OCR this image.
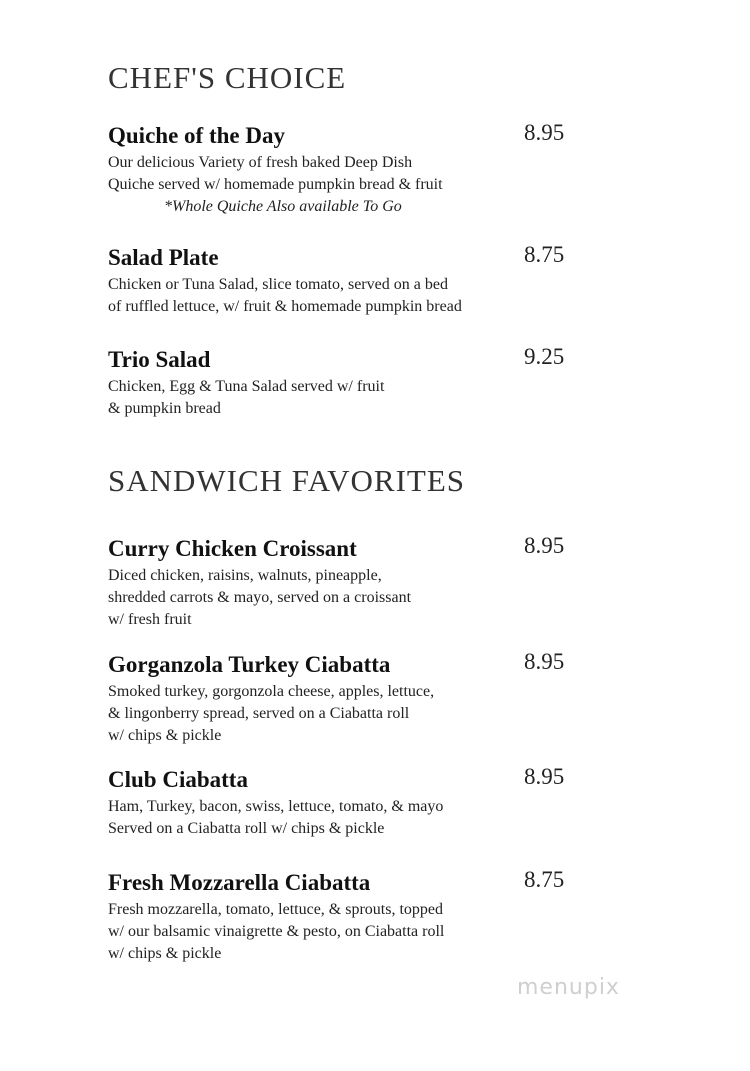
CHEF'S CHOICE
Quiche of the Day	8.95
Our delicious Variety of fresh baked Deep Dish
Quiche served w/ homemade pumpkin bread & fruit
*Whole Quiche Also available To Go
Salad Plate	8.75
Chicken or Tuna Salad, slice tomato, served on a bed
of ruffled lettuce, w/ fruit & homemade pumpkin bread
Trio Salad	9.25
Chicken, Egg & Tuna Salad served w/ fruit
& pumpkin bread
SANDWICH FAVORITES
Curry Chicken Croissant	8.95
Diced chicken, raisins, walnuts, pineapple,
shredded carrots & mayo, served on a croissant
w/ fresh fruit
Gorganzola Turkey Ciabatta	8.95
Smoked turkey, gorgonzola cheese, apples, lettuce,
& lingonberry spread, served on a Ciabatta roll
w/ chips & pickle
Club Ciabatta	8.95
Ham, Turkey, bacon, swiss, lettuce, tomato, & mayo
Served on a Ciabatta roll w/ chips & pickle
Fresh Mozzarella Ciabatta	8.75
Fresh mozzarella, tomato, lettuce, & sprouts, topped
w/ our balsamic vinaigrette & pesto, on Ciabatta roll
w/ chips & pickle
menupix
